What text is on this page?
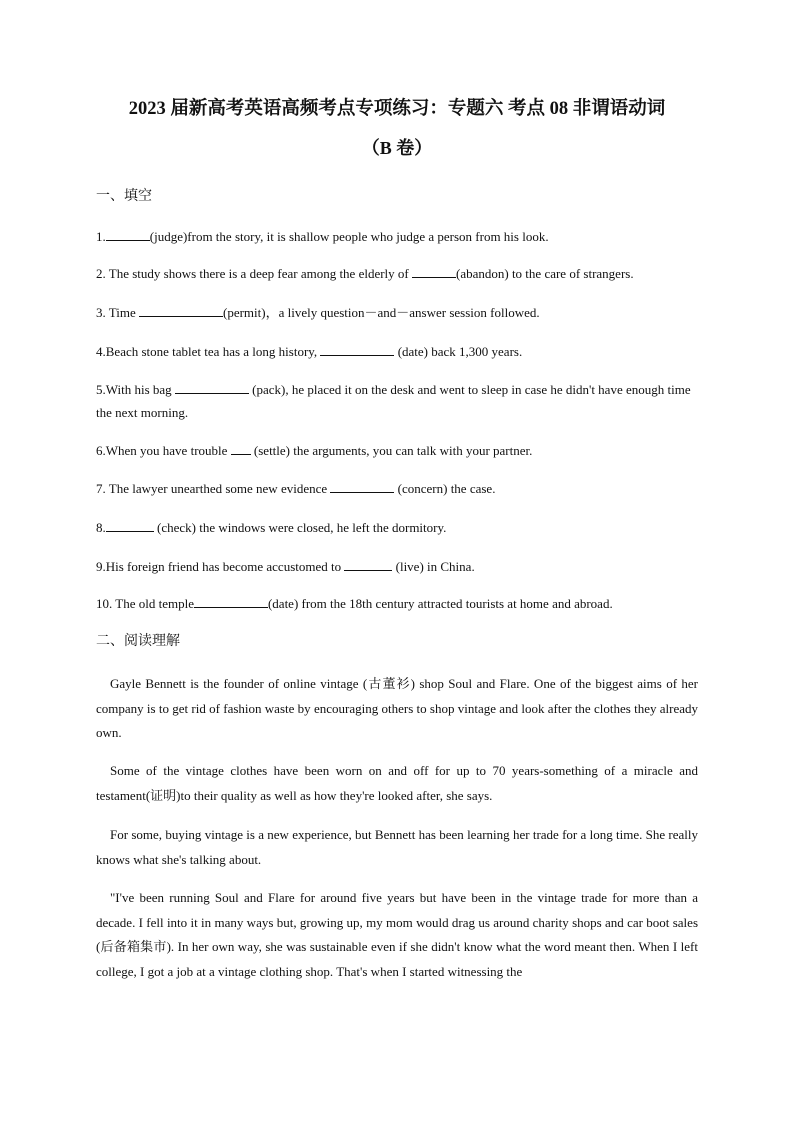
2023 届新高考英语高频考点专项练习：专题六 考点 08 非谓语动词
（B 卷）
一、填空
1.	(judge)from the story, it is shallow people who judge a person from his look.
2. The study shows there is a deep fear among the elderly of	(abandon) to the care of strangers.
3. Time	(permit)，a lively question－and－answer session followed.
4.Beach stone tablet tea has a long history,	(date) back 1,300 years.
5.With his bag	(pack), he placed it on the desk and went to sleep in case he didn't have enough time the next morning.
6.When you have trouble  (settle) the arguments, you can talk with your partner.
7. The lawyer unearthed some new evidence	(concern) the case.
8.	(check) the windows were closed, he left the dormitory.
9.His foreign friend has become accustomed to	(live) in China.
10. The old temple	(date) from the 18th century attracted tourists at home and abroad.
二、阅读理解
Gayle Bennett is the founder of online vintage (古董衫) shop Soul and Flare. One of the biggest aims of her company is to get rid of fashion waste by encouraging others to shop vintage and look after the clothes they already own.
Some of the vintage clothes have been worn on and off for up to 70 years-something of a miracle and testament(证明)to their quality as well as how they're looked after, she says.
For some, buying vintage is a new experience, but Bennett has been learning her trade for a long time. She really knows what she's talking about.
"I've been running Soul and Flare for around five years but have been in the vintage trade for more than a decade. I fell into it in many ways but, growing up, my mom would drag us around charity shops and car boot sales (后备箱集市). In her own way, she was sustainable even if she didn't know what the word meant then. When I left college, I got a job at a vintage clothing shop. That's when I started witnessing the
